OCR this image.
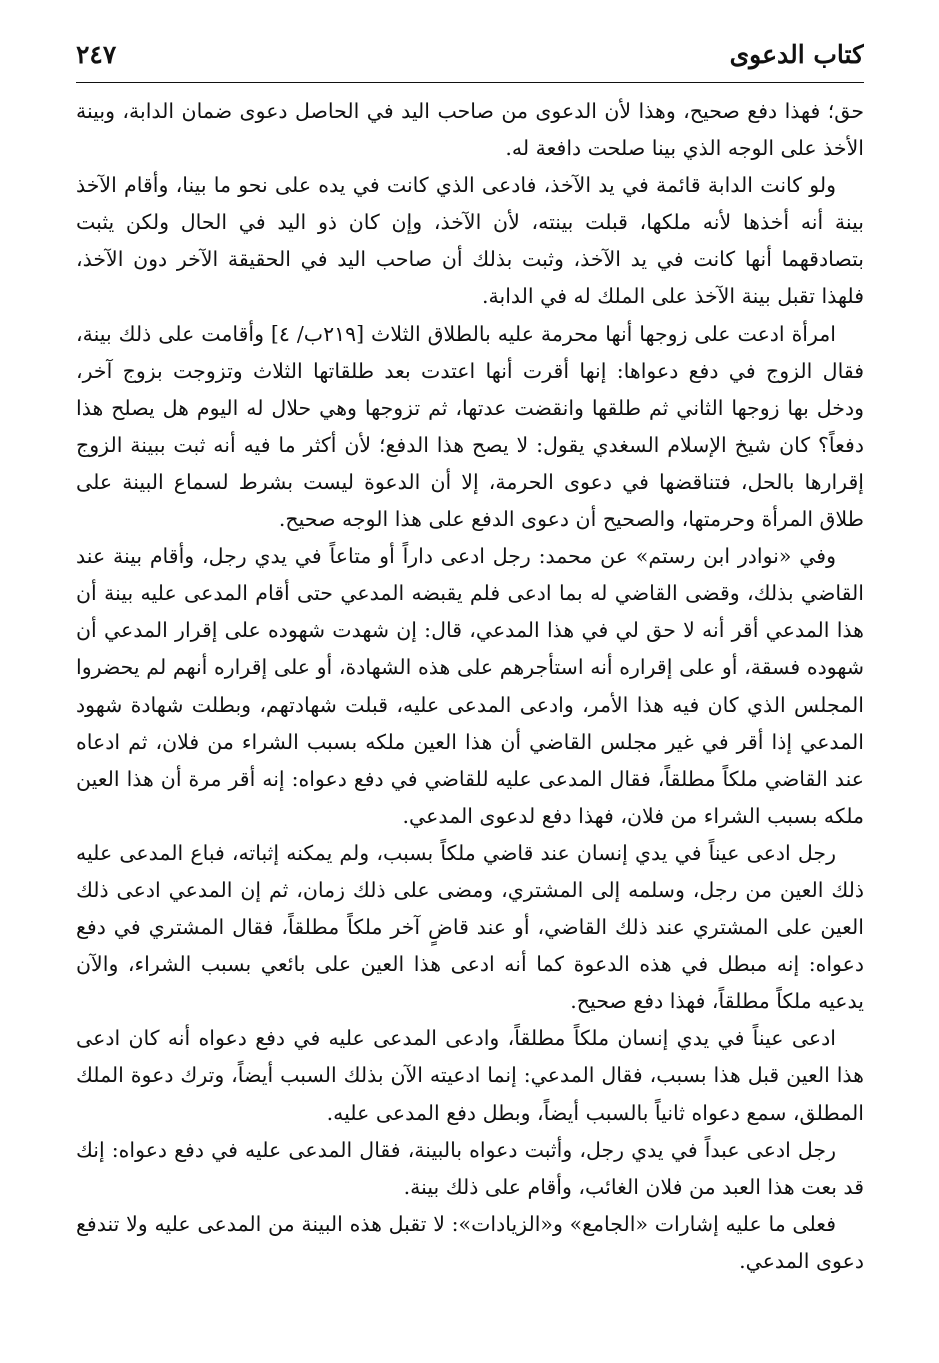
كتاب الدعوى
٢٤٧

حق؛ فهذا دفع صحيح، وهذا لأن الدعوى من صاحب اليد في الحاصل دعوى ضمان الدابة، وبينة الأخذ على الوجه الذي بينا صلحت دافعة له.

ولو كانت الدابة قائمة في يد الآخذ، فادعى الذي كانت في يده على نحو ما بينا، وأقام الآخذ بينة أنه أخذها لأنه ملكها، قبلت بينته، لأن الآخذ، وإن كان ذو اليد في الحال ولكن يثبت بتصادقهما أنها كانت في يد الآخذ، وثبت بذلك أن صاحب اليد في الحقيقة الآخر دون الآخذ، فلهذا تقبل بينة الآخذ على الملك له في الدابة.

امرأة ادعت على زوجها أنها محرمة عليه بالطلاق الثلاث [٢١٩ب/ ٤] وأقامت على ذلك بينة، فقال الزوج في دفع دعواها: إنها أقرت أنها اعتدت بعد طلقاتها الثلاث وتزوجت بزوج آخر، ودخل بها زوجها الثاني ثم طلقها وانقضت عدتها، ثم تزوجها وهي حلال له اليوم هل يصلح هذا دفعاً؟ كان شيخ الإسلام السغدي يقول: لا يصح هذا الدفع؛ لأن أكثر ما فيه أنه ثبت ببينة الزوج إقرارها بالحل، فتناقضها في دعوى الحرمة، إلا أن الدعوة ليست بشرط لسماع البينة على طلاق المرأة وحرمتها، والصحيح أن دعوى الدفع على هذا الوجه صحيح.

وفي «نوادر ابن رستم» عن محمد: رجل ادعى داراً أو متاعاً في يدي رجل، وأقام بينة عند القاضي بذلك، وقضى القاضي له بما ادعى فلم يقبضه المدعي حتى أقام المدعى عليه بينة أن هذا المدعي أقر أنه لا حق لي في هذا المدعي، قال: إن شهدت شهوده على إقرار المدعي أن شهوده فسقة، أو على إقراره أنه استأجرهم على هذه الشهادة، أو على إقراره أنهم لم يحضروا المجلس الذي كان فيه هذا الأمر، وادعى المدعى عليه، قبلت شهادتهم، وبطلت شهادة شهود المدعي إذا أقر في غير مجلس القاضي أن هذا العين ملكه بسبب الشراء من فلان، ثم ادعاه عند القاضي ملكاً مطلقاً، فقال المدعى عليه للقاضي في دفع دعواه: إنه أقر مرة أن هذا العين ملكه بسبب الشراء من فلان، فهذا دفع لدعوى المدعي.

رجل ادعى عيناً في يدي إنسان عند قاضي ملكاً بسبب، ولم يمكنه إثباته، فباع المدعى عليه ذلك العين من رجل، وسلمه إلى المشتري، ومضى على ذلك زمان، ثم إن المدعي ادعى ذلك العين على المشتري عند ذلك القاضي، أو عند قاضٍ آخر ملكاً مطلقاً، فقال المشتري في دفع دعواه: إنه مبطل في هذه الدعوة كما أنه ادعى هذا العين على بائعي بسبب الشراء، والآن يدعيه ملكاً مطلقاً، فهذا دفع صحيح.

ادعى عيناً في يدي إنسان ملكاً مطلقاً، وادعى المدعى عليه في دفع دعواه أنه كان ادعى هذا العين قبل هذا بسبب، فقال المدعي: إنما ادعيته الآن بذلك السبب أيضاً، وترك دعوة الملك المطلق، سمع دعواه ثانياً بالسبب أيضاً، وبطل دفع المدعى عليه.

رجل ادعى عبداً في يدي رجل، وأثبت دعواه بالبينة، فقال المدعى عليه في دفع دعواه: إنك قد بعت هذا العبد من فلان الغائب، وأقام على ذلك بينة.

فعلى ما عليه إشارات «الجامع» و«الزيادات»: لا تقبل هذه البينة من المدعى عليه ولا تندفع دعوى المدعي.
